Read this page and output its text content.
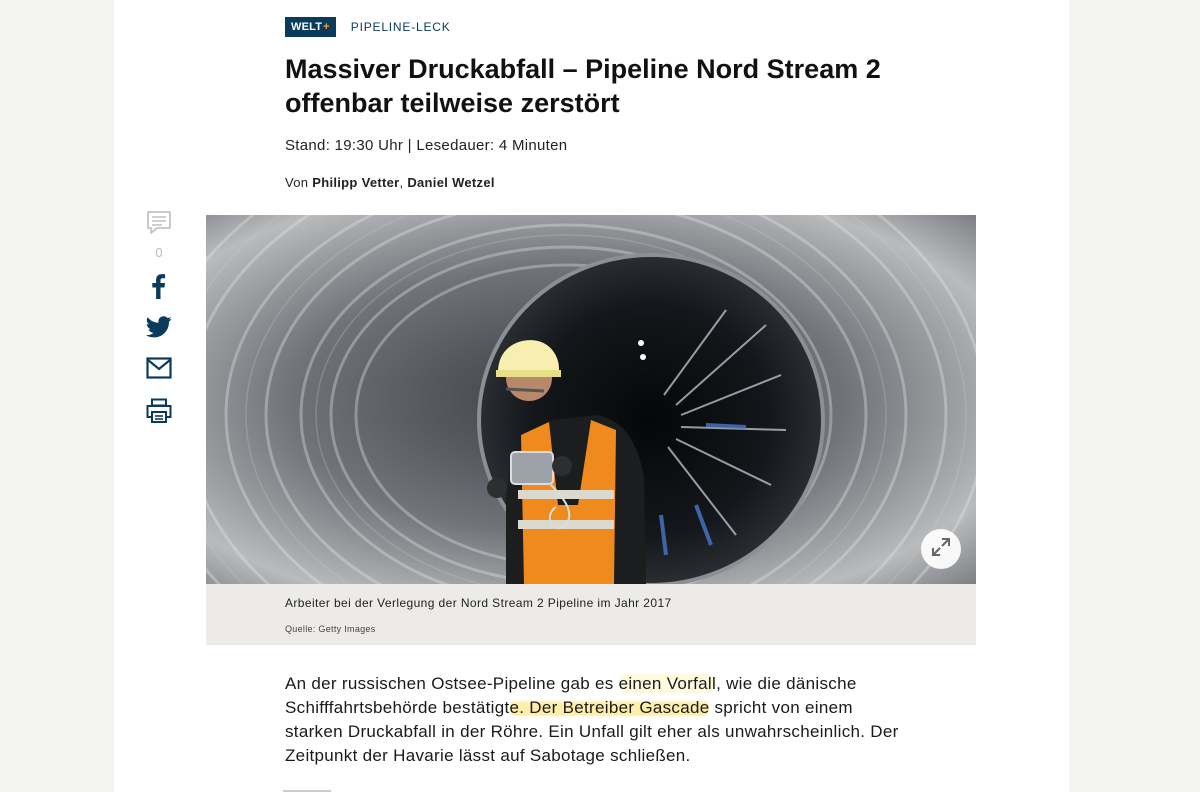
WELT + PIPELINE-LECK
Massiver Druckabfall – Pipeline Nord Stream 2 offenbar teilweise zerstört
Stand: 19:30 Uhr | Lesedauer: 4 Minuten
Von Philipp Vetter, Daniel Wetzel
0
Arbeiter bei der Verlegung der Nord Stream 2 Pipeline im Jahr 2017
Quelle: Getty Images

An der russischen Ostsee-Pipeline gab es einen Vorfall, wie die dänische Schifffahrtsbehörde bestätigte. Der Betreiber Gascade spricht von einem starken Druckabfall in der Röhre. Ein Unfall gilt eher als unwahrscheinlich. Der Zeitpunkt der Havarie lässt auf Sabotage schließen.
